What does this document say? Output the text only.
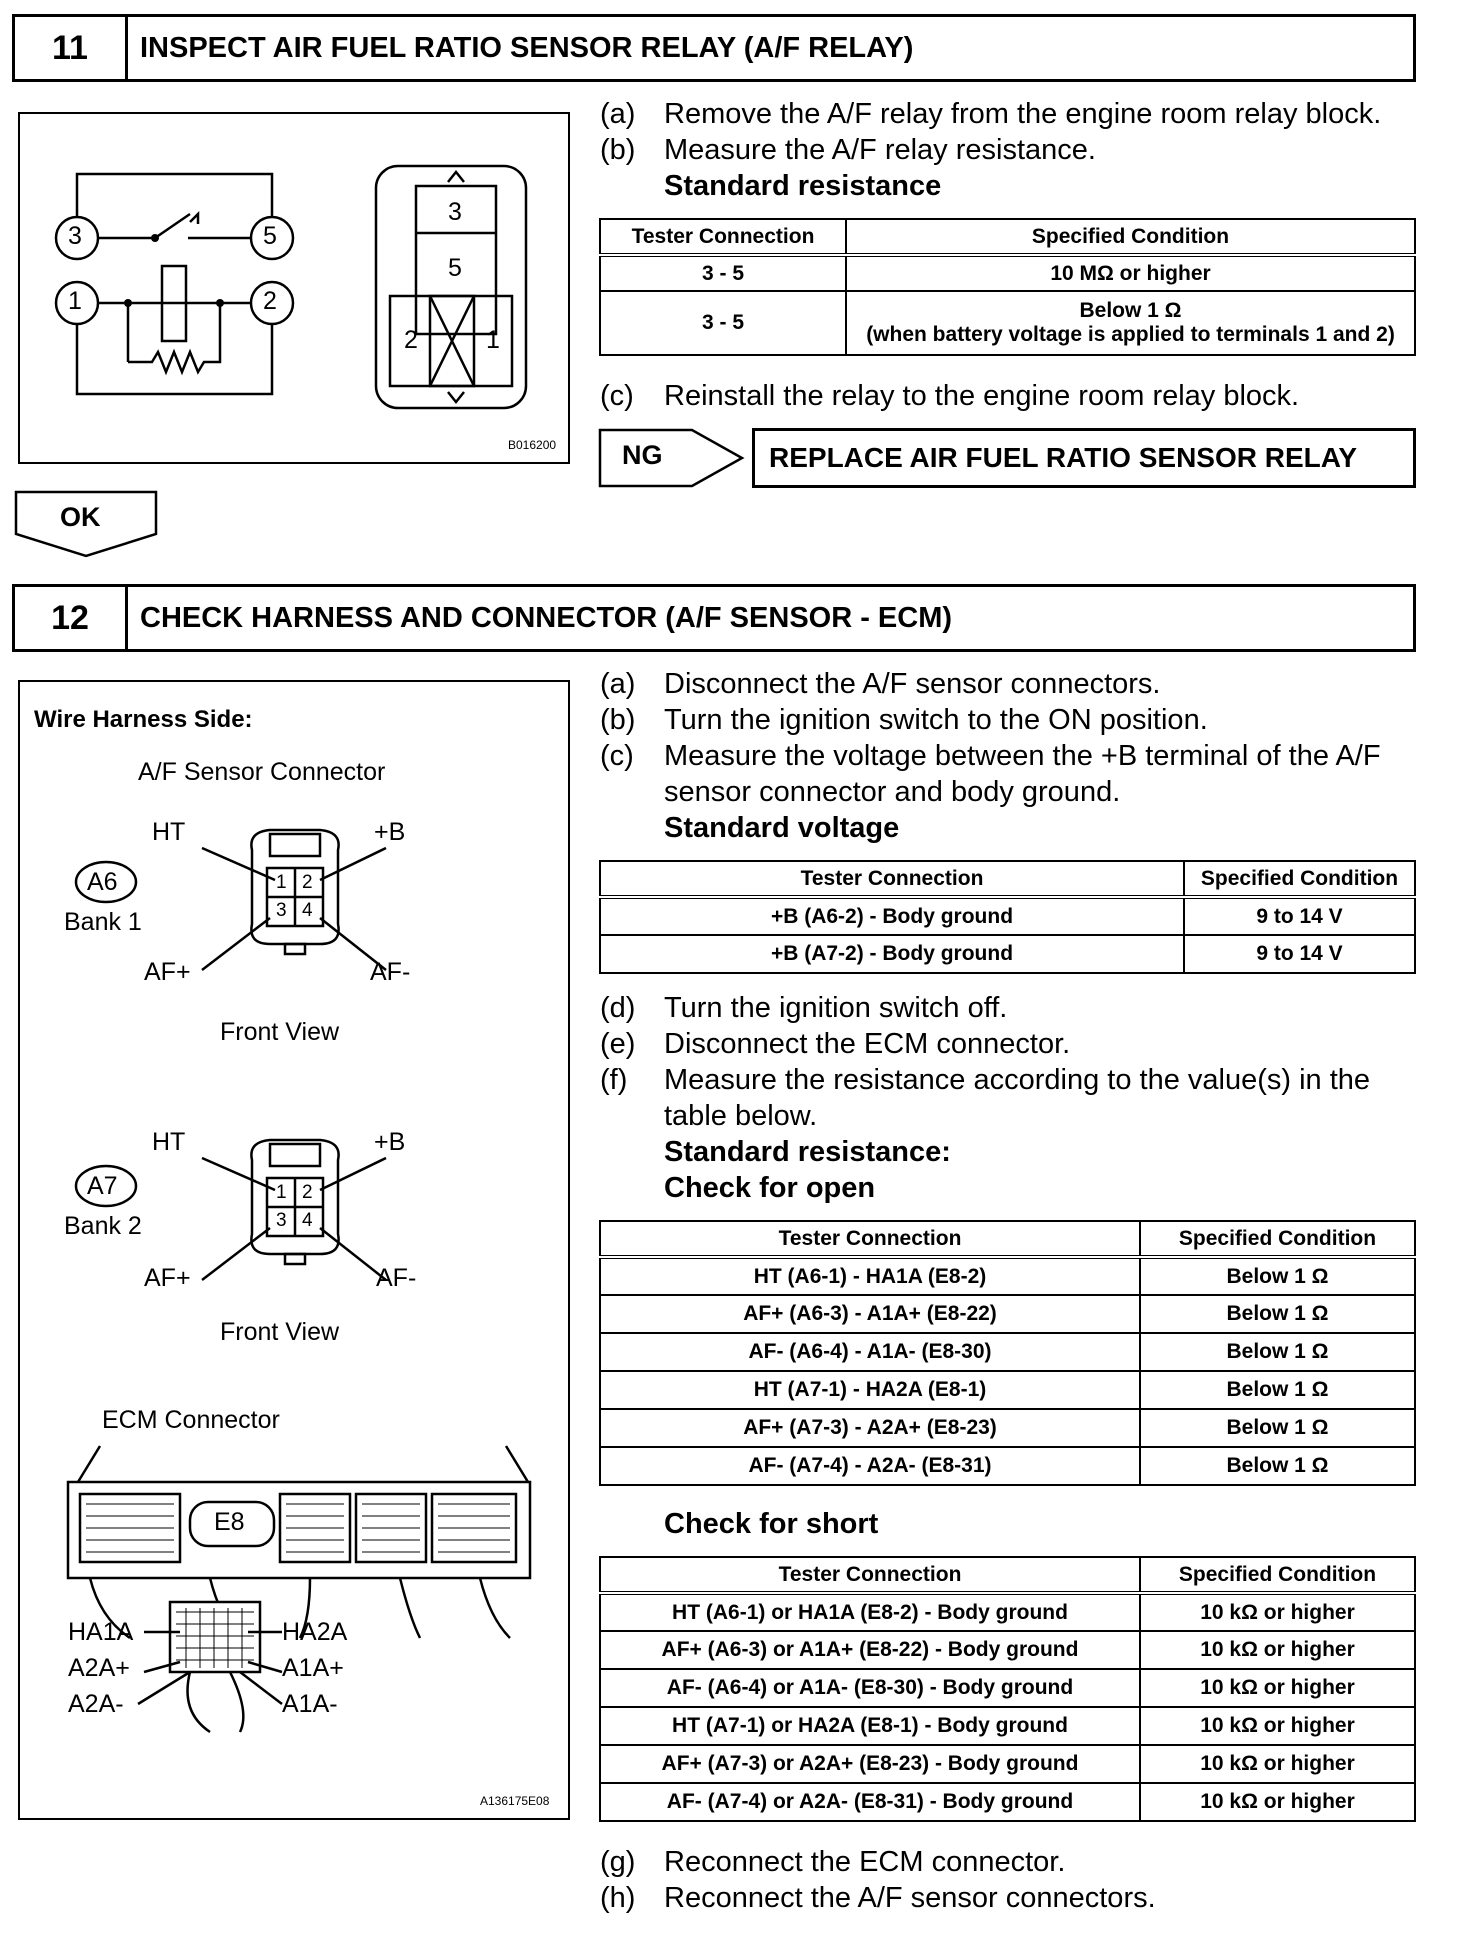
11	INSPECT AIR FUEL RATIO SENSOR RELAY (A/F RELAY)
3	5
1	2
3
5
2	1
B016200
(a) Remove the A/F relay from the engine room relay block.
(b) Measure the A/F relay resistance.
Standard resistance
Tester Connection	Specified Condition
3 - 5	10 MΩ or higher
3 - 5	Below 1 Ω
(when battery voltage is applied to terminals 1 and 2)
(c)	Reinstall the relay to the engine room relay block.
NG	REPLACE AIR FUEL RATIO SENSOR RELAY
OK
12	CHECK HARNESS AND CONNECTOR (A/F SENSOR - ECM)
Wire Harness Side:
A/F Sensor Connector
HT	+B
A6
Bank 1
AF+	AF-
1 2
3 4
Front View
HT	+B
A7
Bank 2
AF+	AF-
1 2
3 4
Front View
ECM Connector
E8
HA1A
A2A+
A2A-
HA2A
A1A+
A1A-
A136175E08
(a) Disconnect the A/F sensor connectors.
(b) Turn the ignition switch to the ON position.
(c)	Measure the voltage between the +B terminal of the A/F sensor connector and body ground.
Standard voltage
Tester Connection	Specified Condition
+B (A6-2) - Body ground	9 to 14 V
+B (A7-2) - Body ground	9 to 14 V
(d) Turn the ignition switch off.
(e) Disconnect the ECM connector.
(f)	Measure the resistance according to the value(s) in the table below.
Standard resistance:
Check for open
Tester Connection	Specified Condition
HT (A6-1) - HA1A (E8-2)	Below 1 Ω
AF+ (A6-3) - A1A+ (E8-22)	Below 1 Ω
AF- (A6-4) - A1A- (E8-30)	Below 1 Ω
HT (A7-1) - HA2A (E8-1)	Below 1 Ω
AF+ (A7-3) - A2A+ (E8-23)	Below 1 Ω
AF- (A7-4) - A2A- (E8-31)	Below 1 Ω
Check for short
Tester Connection	Specified Condition
HT (A6-1) or HA1A (E8-2) - Body ground	10 kΩ or higher
AF+ (A6-3) or A1A+ (E8-22) - Body ground	10 kΩ or higher
AF- (A6-4) or A1A- (E8-30) - Body ground	10 kΩ or higher
HT (A7-1) or HA2A (E8-1) - Body ground	10 kΩ or higher
AF+ (A7-3) or A2A+ (E8-23) - Body ground	10 kΩ or higher
AF- (A7-4) or A2A- (E8-31) - Body ground	10 kΩ or higher
(g) Reconnect the ECM connector.
(h) Reconnect the A/F sensor connectors.
